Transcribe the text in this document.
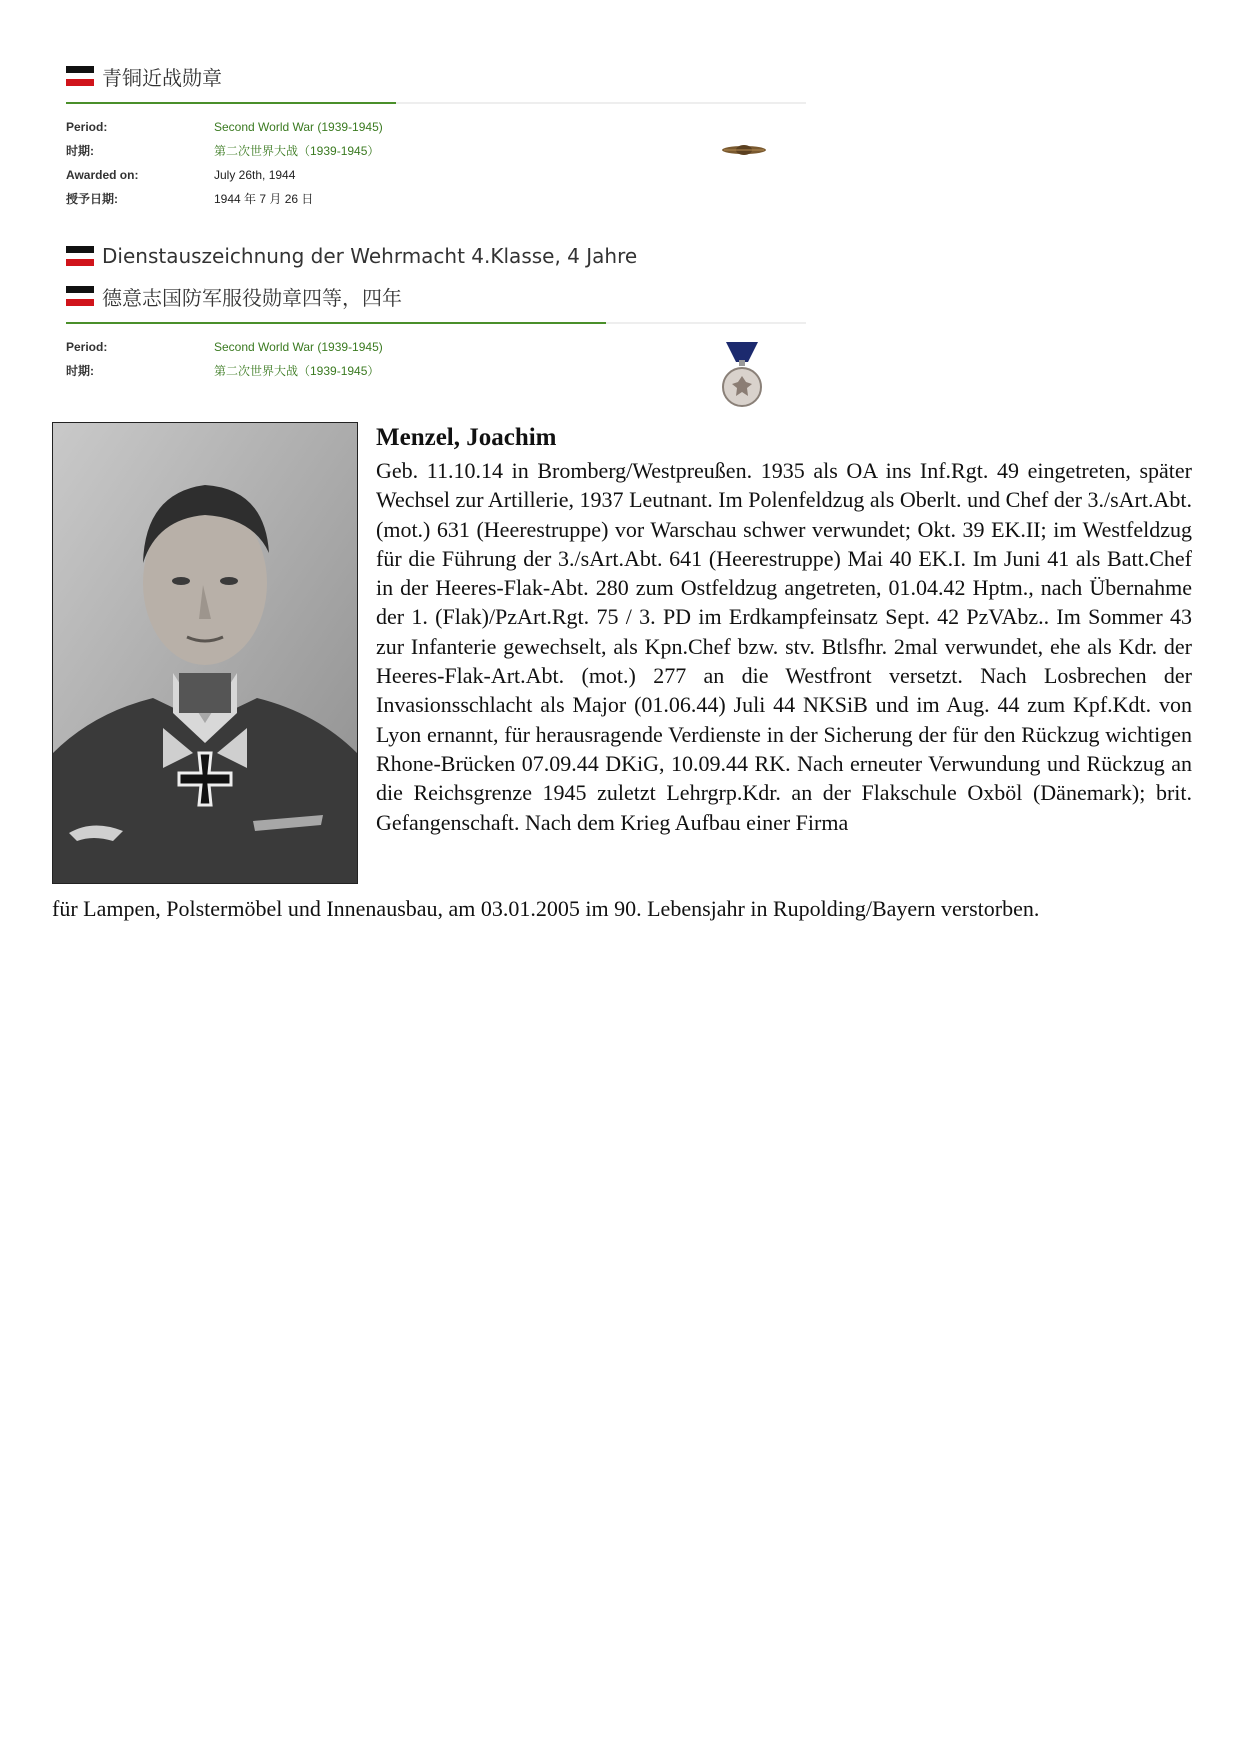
青铜近战勋章
Period:	Second World War (1939-1945)
时期:	第二次世界大战（1939-1945）
Awarded on:	July 26th, 1944
授予日期:	1944 年 7 月 26 日
Dienstauszeichnung der Wehrmacht 4.Klasse, 4 Jahre
德意志国防军服役勋章四等，四年
Period:	Second World War (1939-1945)
时期:	第二次世界大战（1939-1945）
Menzel, Joachim
Geb. 11.10.14 in Bromberg/Westpreußen. 1935 als OA ins Inf.Rgt. 49 eingetreten, später Wechsel zur Artillerie, 1937 Leutnant. Im Polenfeldzug als Oberlt. und Chef der 3./sArt.Abt. (mot.) 631 (Heerestruppe) vor Warschau schwer verwundet; Okt. 39 EK.II; im Westfeldzug für die Führung der 3./sArt.Abt. 641 (Heerestruppe) Mai 40 EK.I. Im Juni 41 als Batt.Chef in der Heeres-Flak-Abt. 280 zum Ostfeldzug angetreten, 01.04.42 Hptm., nach Übernahme der 1. (Flak)/PzArt.Rgt. 75 / 3. PD im Erdkampfeinsatz Sept. 42 PzVAbz.. Im Sommer 43 zur Infanterie gewechselt, als Kpn.Chef bzw. stv. Btlsfhr. 2mal verwundet, ehe als Kdr. der Heeres-Flak-Art.Abt. (mot.) 277 an die Westfront versetzt. Nach Losbrechen der Invasionsschlacht als Major (01.06.44) Juli 44 NKSiB und im Aug. 44 zum Kpf.Kdt. von Lyon ernannt, für herausragende Verdienste in der Sicherung der für den Rückzug wichtigen Rhone-Brücken 07.09.44 DKiG, 10.09.44 RK. Nach erneuter Verwundung und Rückzug an die Reichsgrenze 1945 zuletzt Lehrgrp.Kdr. an der Flakschule Oxböl (Dänemark); brit. Gefangenschaft. Nach dem Krieg Aufbau einer Firma
für Lampen, Polstermöbel und Innenausbau, am 03.01.2005 im 90. Lebensjahr in Rupolding/Bayern verstorben.
